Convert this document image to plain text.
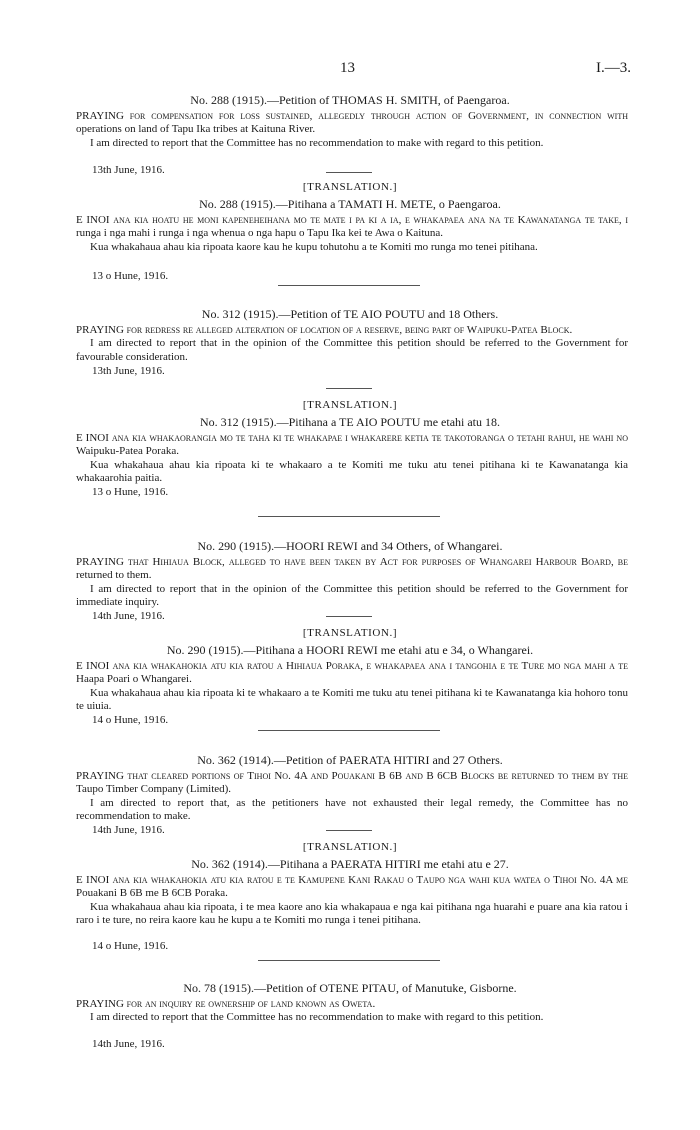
13	I.—3.
No. 288 (1915).—Petition of THOMAS H. SMITH, of Paengaroa.

PRAYING for compensation for loss sustained, allegedly through action of Government, in connection with operations on land of Tapu Ika tribes at Kaituna River.

I am directed to report that the Committee has no recommendation to make with regard to this petition.

13th June, 1916.
[TRANSLATION.]
No. 288 (1915).—Pitihana a TAMATI H. METE, o Paengaroa.

E INOI ana kia hoatu he moni kapeneheihana mo te mate i pa ki a ia, e whakapaea ana na te Kawanatanga te take, i runga i nga mahi i runga i nga whenua o nga hapu o Tapu Ika kei te Awa o Kaituna.

Kua whakahaua ahau kia ripoata kaore kau he kupu tohutohu a te Komiti mo runga mo tenei pitihana.

13 o Hune, 1916.
No. 312 (1915).—Petition of TE AIO POUTU and 18 Others.

PRAYING for redress re alleged alteration of location of a reserve, being part of Waipuku-Patea Block.

I am directed to report that in the opinion of the Committee this petition should be referred to the Government for favourable consideration.

13th June, 1916.
[TRANSLATION.]
No. 312 (1915).—Pitihana a TE AIO POUTU me etahi atu 18.

E INOI ana kia whakaorangia mo te taha ki te whakapae i whakarere ketia te takotoranga o tetahi rahui, he wahi no Waipuku-Patea Poraka.

Kua whakahaua ahau kia ripoata ki te whakaaro a te Komiti me tuku atu tenei pitihana ki te Kawanatanga kia whakaarohia paitia.

13 o Hune, 1916.
No. 290 (1915).—HOORI REWI and 34 Others, of Whangarei.

PRAYING that Hihiaua Block, alleged to have been taken by Act for purposes of Whangarei Harbour Board, be returned to them.

I am directed to report that in the opinion of the Committee this petition should be referred to the Government for immediate inquiry.

14th June, 1916.
[TRANSLATION.]
No. 290 (1915).—Pitihana a HOORI REWI me etahi atu e 34, o Whangarei.

E INOI ana kia whakahokia atu kia ratou a Hihiaua Poraka, e whakapaea ana i tangohia e te Ture mo nga mahi a te Haapa Poari o Whangarei.

Kua whakahaua ahau kia ripoata ki te whakaaro a te Komiti me tuku atu tenei pitihana ki te Kawanatanga kia hohoro tonu te uiuia.

14 o Hune, 1916.
No. 362 (1914).—Petition of PAERATA HITIRI and 27 Others.

PRAYING that cleared portions of Tihoi No. 4A and Pouakani B 6B and B 6CB Blocks be returned to them by the Taupo Timber Company (Limited).

I am directed to report that, as the petitioners have not exhausted their legal remedy, the Committee has no recommendation to make.

14th June, 1916.
[TRANSLATION.]
No. 362 (1914).—Pitihana a PAERATA HITIRI me etahi atu e 27.

E INOI ana kia whakahokia atu kia ratou e te Kamupene Kani Rakau o Taupo nga wahi kua watea o Tihoi No. 4A me Pouakani B 6B me B 6CB Poraka.

Kua whakahaua ahau kia ripoata, i te mea kaore ano kia whakapaua e nga kai pitihana nga huarahi e puare ana kia ratou i raro i te ture, no reira kaore kau he kupu a te Komiti mo runga i tenei pitihana.

14 o Hune, 1916.
No. 78 (1915).—Petition of OTENE PITAU, of Manutuke, Gisborne.

PRAYING for an inquiry re ownership of land known as Oweta.

I am directed to report that the Committee has no recommendation to make with regard to this petition.

14th June, 1916.
